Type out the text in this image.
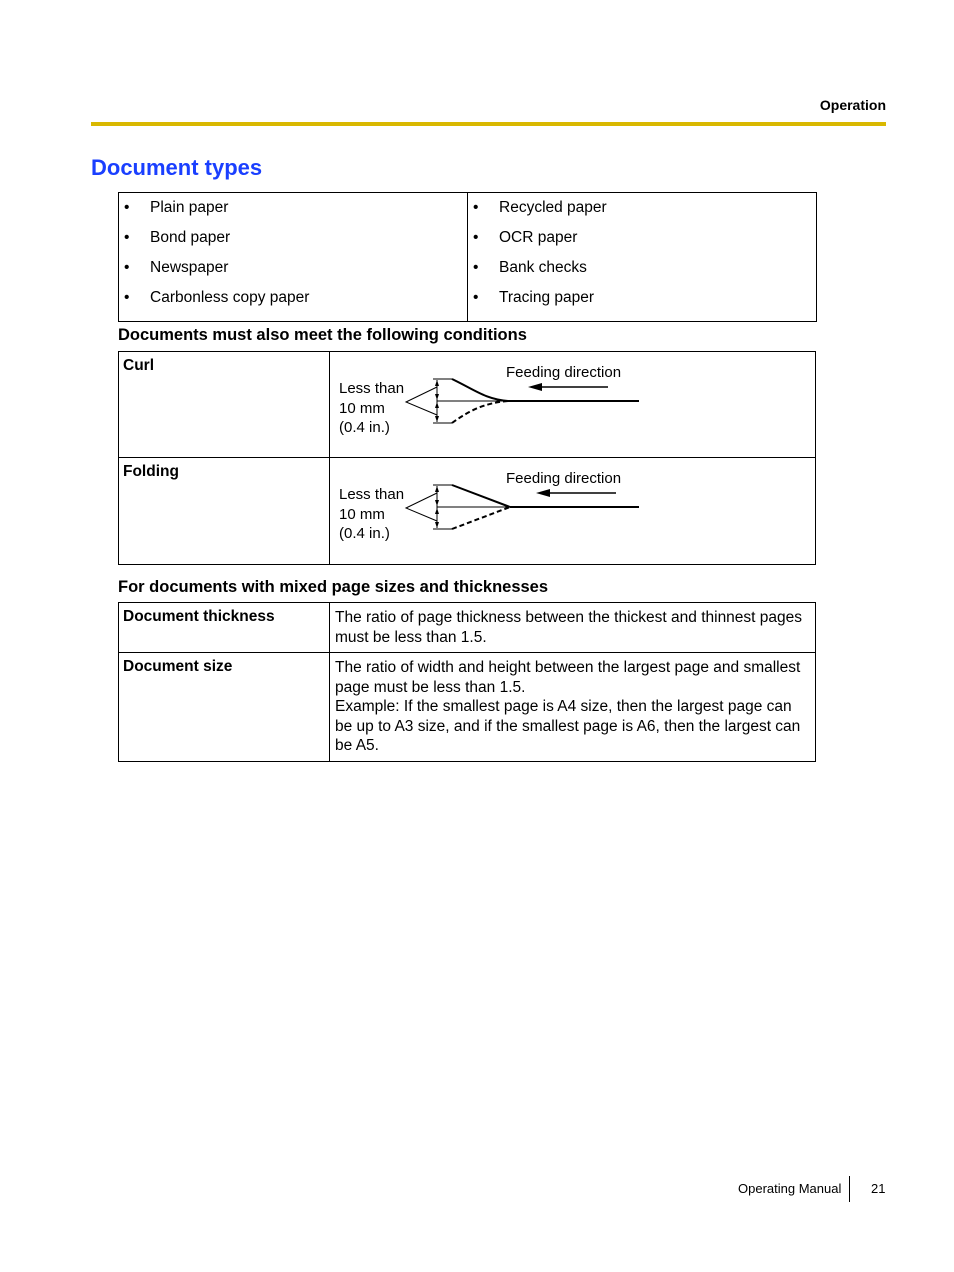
Operation
Document types
• Plain paper
• Bond paper
• Newspaper
• Carbonless copy paper

• Recycled paper
• OCR paper
• Bank checks
• Tracing paper
Documents must also meet the following conditions
Curl	Less than
10 mm
(0.4 in.)
Feeding direction

Folding	Less than
10 mm
(0.4 in.)
Feeding direction
For documents with mixed page sizes and thicknesses
Document thickness	The ratio of page thickness between the thickest and thinnest pages must be less than 1.5.

Document size	The ratio of width and height between the largest page and smallest page must be less than 1.5.
Example: If the smallest page is A4 size, then the largest page can be up to A3 size, and if the smallest page is A6, then the largest can be A5.
Operating Manual 21
